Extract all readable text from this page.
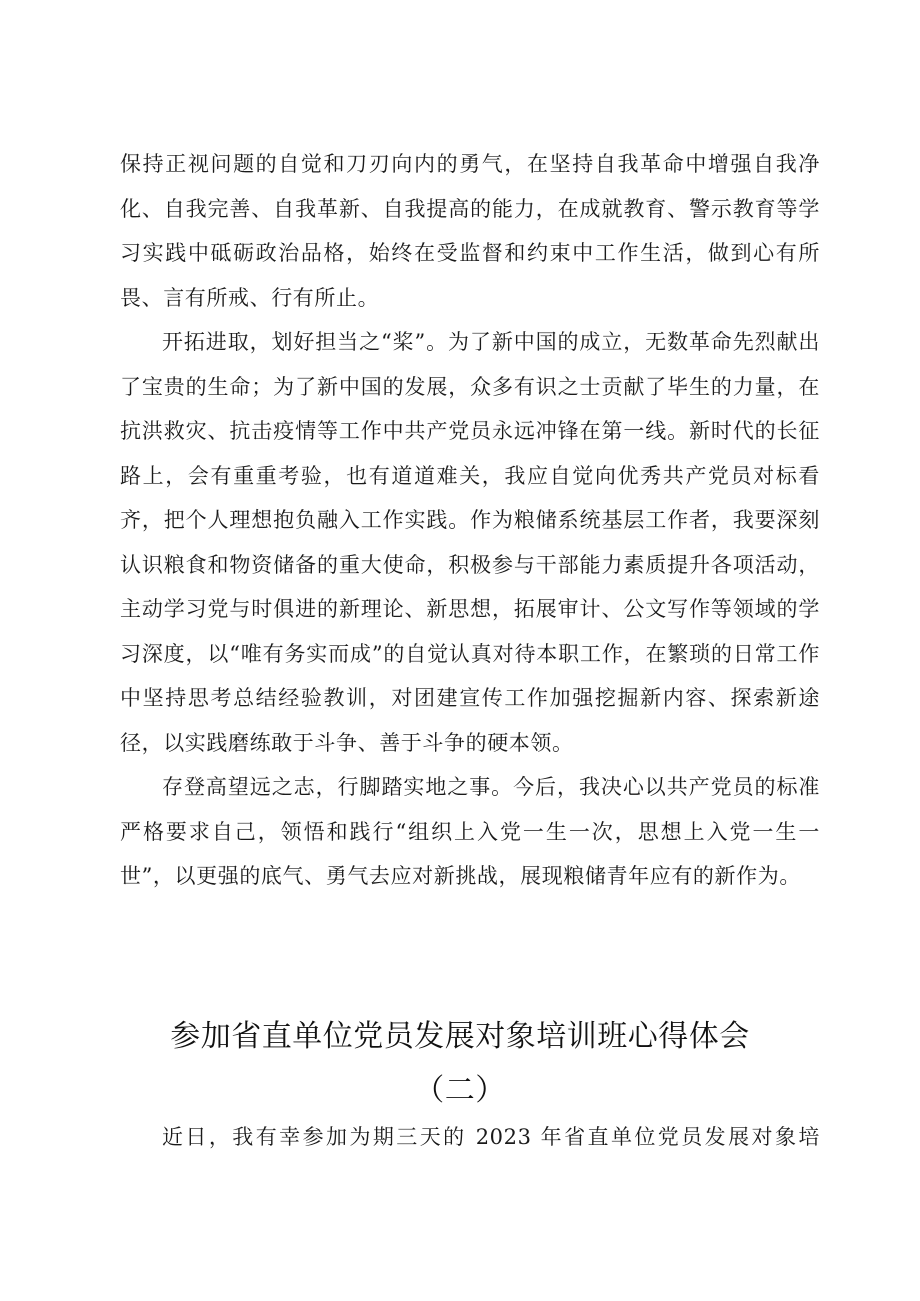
保持正视问题的自觉和刀刃向内的勇气，在坚持自我革命中增强自我净化、自我完善、自我革新、自我提高的能力，在成就教育、警示教育等学习实践中砥砺政治品格，始终在受监督和约束中工作生活，做到心有所畏、言有所戒、行有所止。

开拓进取，划好担当之“桨”。为了新中国的成立，无数革命先烈献出了宝贵的生命；为了新中国的发展，众多有识之士贡献了毕生的力量，在抗洪救灾、抗击疫情等工作中共产党员永远冲锋在第一线。新时代的长征路上，会有重重考验，也有道道难关，我应自觉向优秀共产党员对标看齐，把个人理想抱负融入工作实践。作为粮储系统基层工作者，我要深刻认识粮食和物资储备的重大使命，积极参与干部能力素质提升各项活动，主动学习党与时俱进的新理论、新思想，拓展审计、公文写作等领域的学习深度，以“唯有务实而成”的自觉认真对待本职工作，在繁琐的日常工作中坚持思考总结经验教训，对团建宣传工作加强挖掘新内容、探索新途径，以实践磨练敢于斗争、善于斗争的硬本领。

存登高望远之志，行脚踏实地之事。今后，我决心以共产党员的标准严格要求自己，领悟和践行“组织上入党一生一次，思想上入党一生一世”，以更强的底气、勇气去应对新挑战，展现粮储青年应有的新作为。

参加省直单位党员发展对象培训班心得体会
（二）

近日，我有幸参加为期三天的 2023 年省直单位党员发展对象培
